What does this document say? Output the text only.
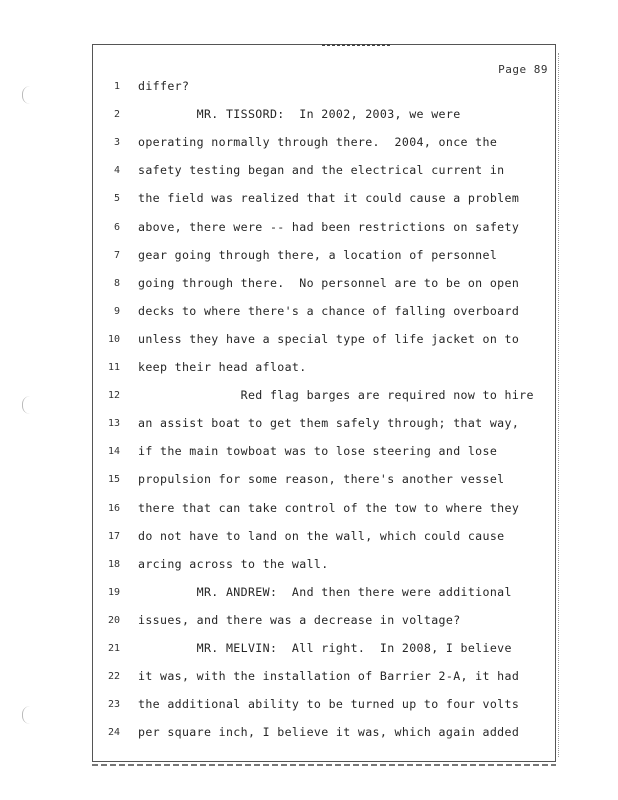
Page 89
1 differ?
2 MR. TISSORD:  In 2002, 2003, we were
3 operating normally through there.  2004, once the
4 safety testing began and the electrical current in
5 the field was realized that it could cause a problem
6 above, there were -- had been restrictions on safety
7 gear going through there, a location of personnel
8 going through there.  No personnel are to be on open
9 decks to where there's a chance of falling overboard
10 unless they have a special type of life jacket on to
11 keep their head afloat.
12 Red flag barges are required now to hire
13 an assist boat to get them safely through; that way,
14 if the main towboat was to lose steering and lose
15 propulsion for some reason, there's another vessel
16 there that can take control of the tow to where they
17 do not have to land on the wall, which could cause
18 arcing across to the wall.
19 MR. ANDREW:  And then there were additional
20 issues, and there was a decrease in voltage?
21 MR. MELVIN:  All right.  In 2008, I believe
22 it was, with the installation of Barrier 2-A, it had
23 the additional ability to be turned up to four volts
24 per square inch, I believe it was, which again added
